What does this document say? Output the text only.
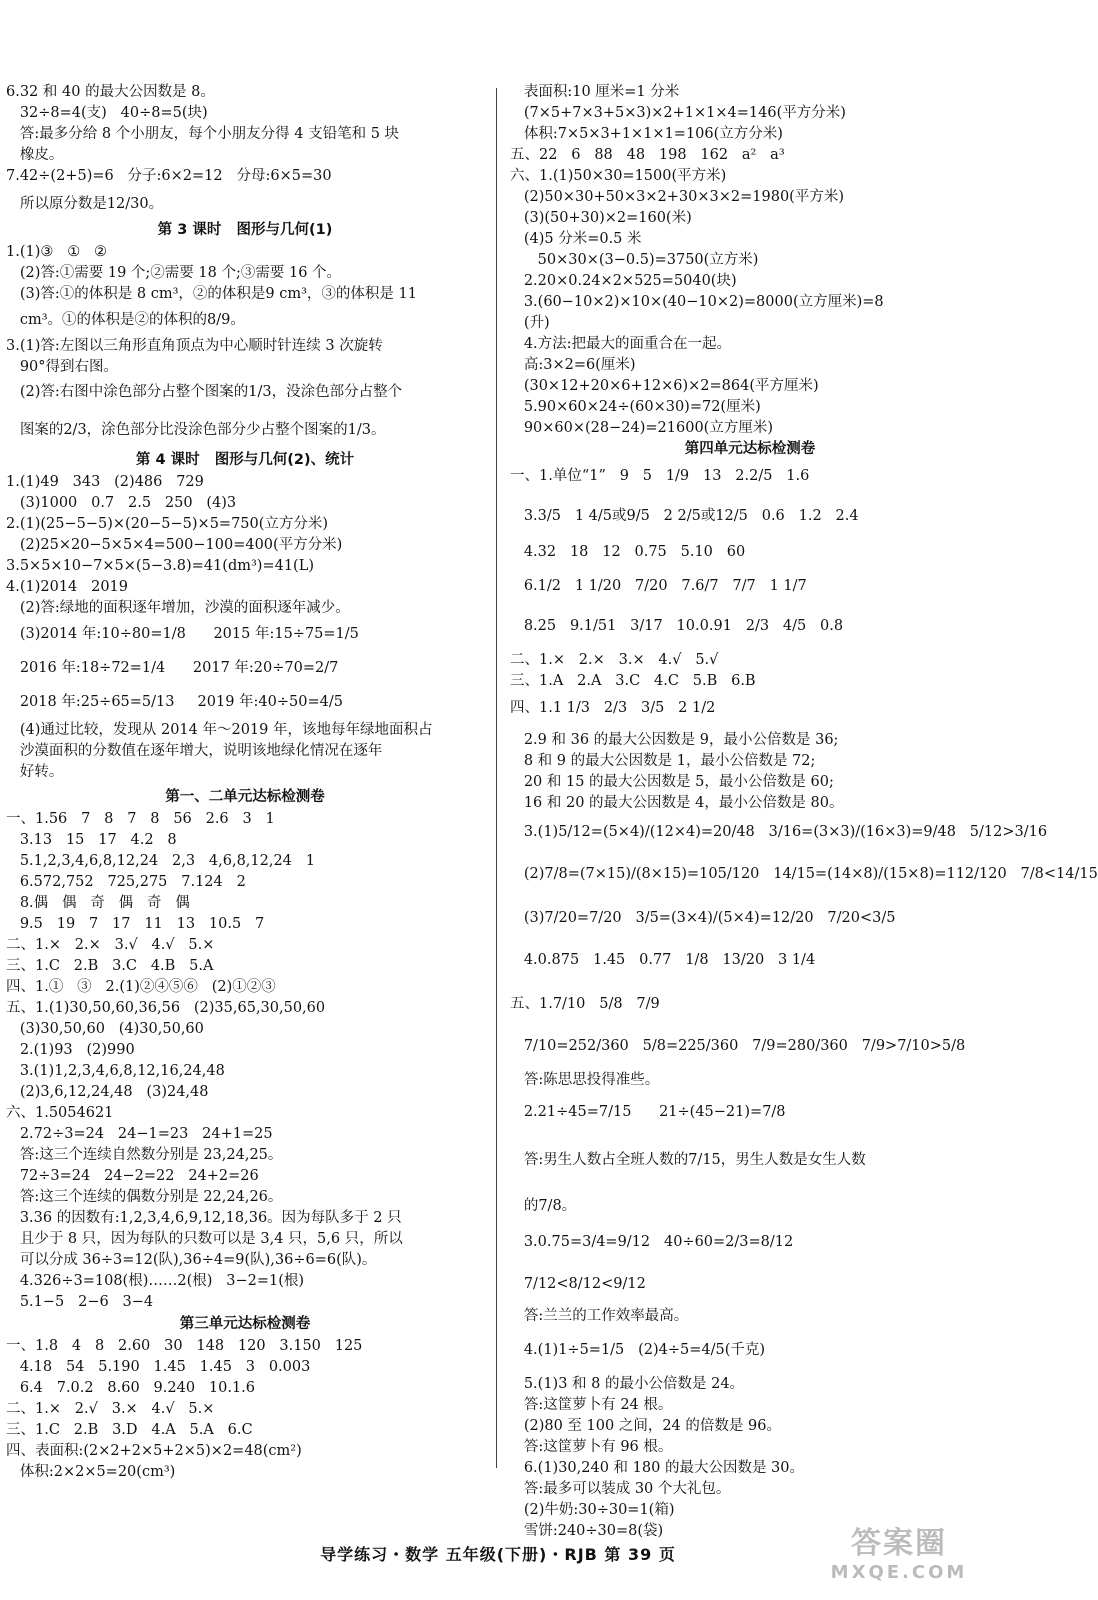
6.32 和 40 的最大公因数是 8。
32÷8=4(支)   40÷8=5(块)
答:最多分给 8 个小朋友，每个小朋友分得 4 支铅笔和 5 块
橡皮。
7.42÷(2+5)=6   分子:6×2=12   分母:6×5=30
所以原分数是12/30。
第 3 课时   图形与几何(1)
1.(1)③   ①   ②
(2)答:①需要 19 个;②需要 18 个;③需要 16 个。
(3)答:①的体积是 8 cm³，②的体积是9 cm³，③的体积是 11
cm³。①的体积是②的体积的8/9。
3.(1)答:左图以三角形直角顶点为中心顺时针连续 3 次旋转
90°得到右图。
(2)答:右图中涂色部分占整个图案的1/3，没涂色部分占整个
图案的2/3，涂色部分比没涂色部分少占整个图案的1/3。
第 4 课时   图形与几何(2)、统计
1.(1)49   343   (2)486   729
(3)1000   0.7   2.5   250   (4)3
2.(1)(25−5−5)×(20−5−5)×5=750(立方分米)
(2)25×20−5×5×4=500−100=400(平方分米)
3.5×5×10−7×5×(5−3.8)=41(dm³)=41(L)
4.(1)2014   2019
(2)答:绿地的面积逐年增加，沙漠的面积逐年减少。
(3)2014 年:10÷80=1/8      2015 年:15÷75=1/5
2016 年:18÷72=1/4      2017 年:20÷70=2/7
2018 年:25÷65=5/13     2019 年:40÷50=4/5
(4)通过比较，发现从 2014 年～2019 年，该地每年绿地面积占
沙漠面积的分数值在逐年增大，说明该地绿化情况在逐年
好转。
第一、二单元达标检测卷
一、1.56   7   8   7   8   56   2.6   3   1
3.13   15   17   4.2   8
5.1,2,3,4,6,8,12,24   2,3   4,6,8,12,24   1
6.572,752   725,275   7.124   2
8.偶   偶   奇   偶   奇   偶
9.5   19   7   17   11   13   10.5   7
二、1.×   2.×   3.√   4.√   5.×
三、1.C   2.B   3.C   4.B   5.A
四、1.①   ③   2.(1)②④⑤⑥   (2)①②③
五、1.(1)30,50,60,36,56   (2)35,65,30,50,60
(3)30,50,60   (4)30,50,60
2.(1)93   (2)990
3.(1)1,2,3,4,6,8,12,16,24,48
(2)3,6,12,24,48   (3)24,48
六、1.5054621
2.72÷3=24   24−1=23   24+1=25
答:这三个连续自然数分别是 23,24,25。
72÷3=24   24−2=22   24+2=26
答:这三个连续的偶数分别是 22,24,26。
3.36 的因数有:1,2,3,4,6,9,12,18,36。因为每队多于 2 只
且少于 8 只，因为每队的只数可以是 3,4 只，5,6 只，所以
可以分成 36÷3=12(队),36÷4=9(队),36÷6=6(队)。
4.326÷3=108(根)……2(根)   3−2=1(根)
5.1−5   2−6   3−4
第三单元达标检测卷
一、1.8   4   8   2.60   30   148   120   3.150   125
4.18   54   5.190   1.45   1.45   3   0.003
6.4   7.0.2   8.60   9.240   10.1.6
二、1.×   2.√   3.×   4.√   5.×
三、1.C   2.B   3.D   4.A   5.A   6.C
四、表面积:(2×2+2×5+2×5)×2=48(cm²)
体积:2×2×5=20(cm³)
表面积:10 厘米=1 分米
(7×5+7×3+5×3)×2+1×1×4=146(平方分米)
体积:7×5×3+1×1×1=106(立方分米)
五、22   6   88   48   198   162   a²   a³
六、1.(1)50×30=1500(平方米)
(2)50×30+50×3×2+30×3×2=1980(平方米)
(3)(50+30)×2=160(米)
(4)5 分米=0.5 米
50×30×(3−0.5)=3750(立方米)
2.20×0.24×2×525=5040(块)
3.(60−10×2)×10×(40−10×2)=8000(立方厘米)=8
(升)
4.方法:把最大的面重合在一起。
高:3×2=6(厘米)
(30×12+20×6+12×6)×2=864(平方厘米)
5.90×60×24÷(60×30)=72(厘米)
90×60×(28−24)=21600(立方厘米)
第四单元达标检测卷
一、1.单位“1”   9   5   1/9   13   2.2/5   1.6
3.3/5   1 4/5或9/5   2 2/5或12/5   0.6   1.2   2.4
4.32   18   12   0.75   5.10   60
6.1/2   1 1/20   7/20   7.6/7   7/7   1 1/7
8.25   9.1/51   3/17   10.0.91   2/3   4/5   0.8
二、1.×   2.×   3.×   4.√   5.√
三、1.A   2.A   3.C   4.C   5.B   6.B
四、1.1 1/3   2/3   3/5   2 1/2
2.9 和 36 的最大公因数是 9，最小公倍数是 36;
8 和 9 的最大公因数是 1，最小公倍数是 72;
20 和 15 的最大公因数是 5，最小公倍数是 60;
16 和 20 的最大公因数是 4，最小公倍数是 80。
3.(1)5/12=(5×4)/(12×4)=20/48   3/16=(3×3)/(16×3)=9/48   5/12>3/16
(2)7/8=(7×15)/(8×15)=105/120   14/15=(14×8)/(15×8)=112/120   7/8<14/15
(3)7/20=7/20   3/5=(3×4)/(5×4)=12/20   7/20<3/5
4.0.875   1.45   0.77   1/8   13/20   3 1/4
五、1.7/10   5/8   7/9
7/10=252/360   5/8=225/360   7/9=280/360   7/9>7/10>5/8
答:陈思思投得准些。
2.21÷45=7/15      21÷(45−21)=7/8
答:男生人数占全班人数的7/15，男生人数是女生人数
的7/8。
3.0.75=3/4=9/12   40÷60=2/3=8/12
7/12<8/12<9/12
答:兰兰的工作效率最高。
4.(1)1÷5=1/5   (2)4÷5=4/5(千克)
5.(1)3 和 8 的最小公倍数是 24。
答:这筐萝卜有 24 根。
(2)80 至 100 之间，24 的倍数是 96。
答:这筐萝卜有 96 根。
6.(1)30,240 和 180 的最大公因数是 30。
答:最多可以装成 30 个大礼包。
(2)牛奶:30÷30=1(箱)
雪饼:240÷30=8(袋)
导学练习・数学 五年级(下册)・RJB 第 39 页	答案圈
MXQE.COM
